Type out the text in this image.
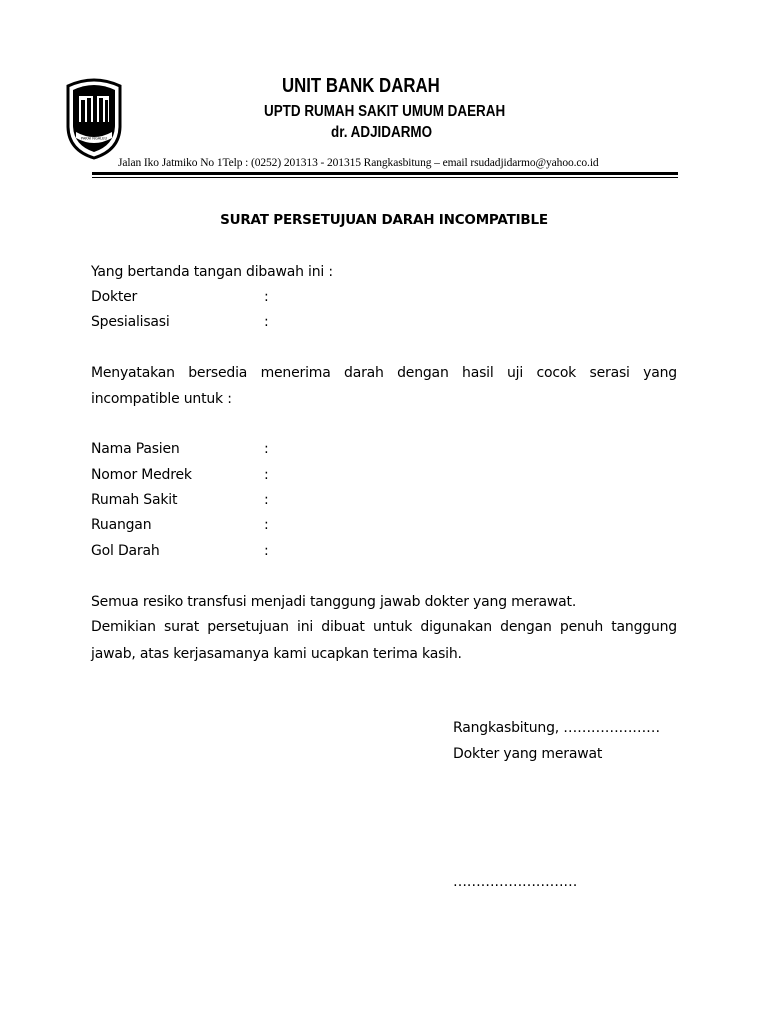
PAKAI NGALEU
UNIT BANK DARAH
UPTD RUMAH SAKIT UMUM DAERAH
dr. ADJIDARMO
Jalan Iko Jatmiko No 1Telp : (0252) 201313 - 201315 Rangkasbitung – email rsudadjidarmo@yahoo.co.id
SURAT PERSETUJUAN DARAH INCOMPATIBLE
Yang bertanda tangan dibawah ini :
Dokter	:
Spesialisasi	:
Menyatakan bersedia menerima darah dengan hasil uji cocok serasi yang
incompatible untuk :
Nama Pasien	:
Nomor Medrek	:
Rumah Sakit	:
Ruangan	:
Gol Darah	:
Semua resiko transfusi menjadi tanggung jawab dokter yang merawat.
Demikian surat persetujuan ini dibuat untuk digunakan dengan penuh tanggung
jawab, atas kerjasamanya kami ucapkan terima kasih.
Rangkasbitung, …………………
Dokter yang merawat
………………………
